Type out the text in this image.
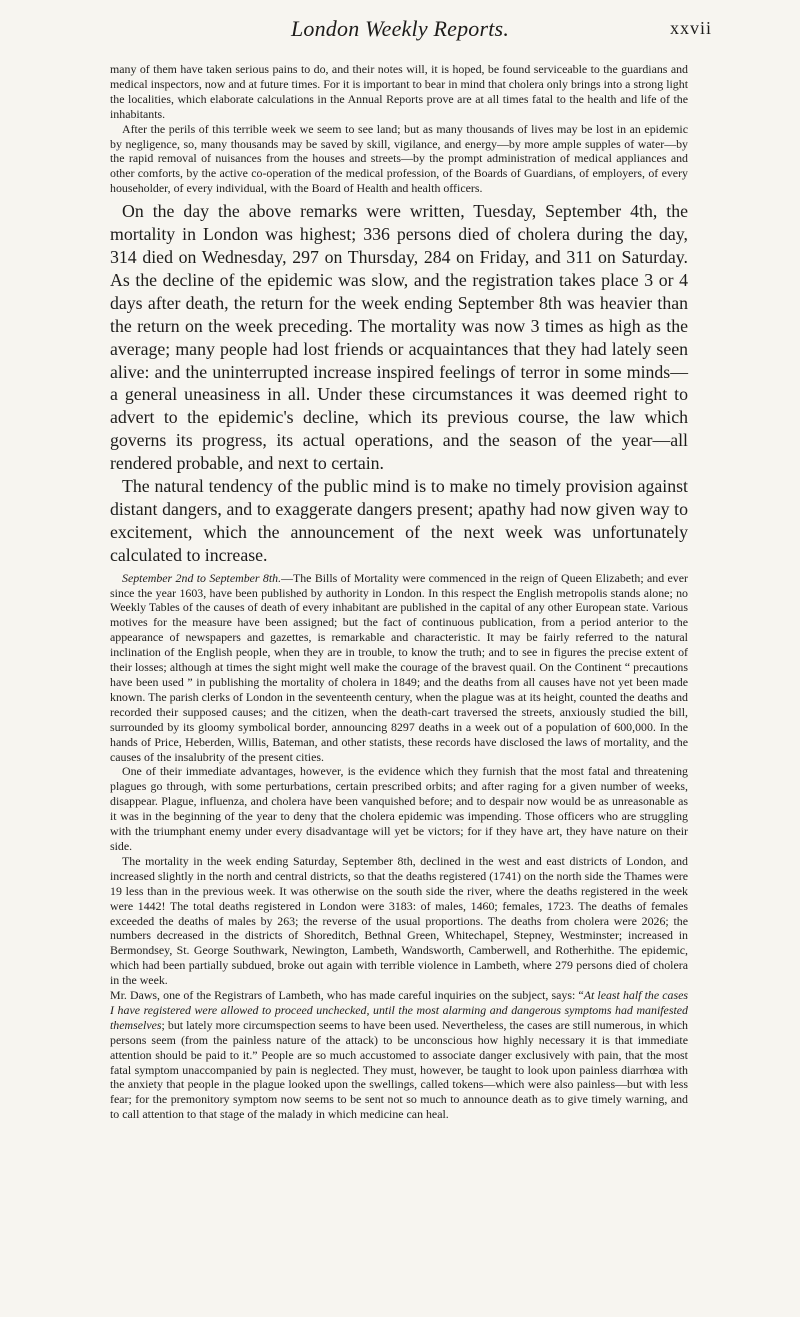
London Weekly Reports.	xxvii

many of them have taken serious pains to do, and their notes will, it is hoped, be found serviceable to the guardians and medical inspectors, now and at future times. For it is important to bear in mind that cholera only brings into a strong light the localities, which elaborate calculations in the Annual Reports prove are at all times fatal to the health and life of the inhabitants.

After the perils of this terrible week we seem to see land; but as many thousands of lives may be lost in an epidemic by negligence, so, many thousands may be saved by skill, vigilance, and energy—by more ample supples of water—by the rapid removal of nuisances from the houses and streets—by the prompt administration of medical appliances and other comforts, by the active co-operation of the medical profession, of the Boards of Guardians, of employers, of every householder, of every individual, with the Board of Health and health officers.

On the day the above remarks were written, Tuesday, September 4th, the mortality in London was highest; 336 persons died of cholera during the day, 314 died on Wednesday, 297 on Thursday, 284 on Friday, and 311 on Saturday. As the decline of the epidemic was slow, and the registration takes place 3 or 4 days after death, the return for the week ending September 8th was heavier than the return on the week preceding. The mortality was now 3 times as high as the average; many people had lost friends or acquaintances that they had lately seen alive: and the uninterrupted increase inspired feelings of terror in some minds—a general uneasiness in all. Under these circumstances it was deemed right to advert to the epidemic's decline, which its previous course, the law which governs its progress, its actual operations, and the season of the year—all rendered probable, and next to certain.

The natural tendency of the public mind is to make no timely provision against distant dangers, and to exaggerate dangers present; apathy had now given way to excitement, which the announcement of the next week was unfortunately calculated to increase.

September 2nd to September 8th.—The Bills of Mortality were commenced in the reign of Queen Elizabeth; and ever since the year 1603, have been published by authority in London. In this respect the English metropolis stands alone; no Weekly Tables of the causes of death of every inhabitant are published in the capital of any other European state. Various motives for the measure have been assigned; but the fact of continuous publication, from a period anterior to the appearance of newspapers and gazettes, is remarkable and characteristic. It may be fairly referred to the natural inclination of the English people, when they are in trouble, to know the truth; and to see in figures the precise extent of their losses; although at times the sight might well make the courage of the bravest quail. On the Continent “ precautions have been used ” in publishing the mortality of cholera in 1849; and the deaths from all causes have not yet been made known. The parish clerks of London in the seventeenth century, when the plague was at its height, counted the deaths and recorded their supposed causes; and the citizen, when the death-cart traversed the streets, anxiously studied the bill, surrounded by its gloomy symbolical border, announcing 8297 deaths in a week out of a population of 600,000. In the hands of Price, Heberden, Willis, Bateman, and other statists, these records have disclosed the laws of mortality, and the causes of the insalubrity of the present cities.

One of their immediate advantages, however, is the evidence which they furnish that the most fatal and threatening plagues go through, with some perturbations, certain prescribed orbits; and after raging for a given number of weeks, disappear. Plague, influenza, and cholera have been vanquished before; and to despair now would be as unreasonable as it was in the beginning of the year to deny that the cholera epidemic was impending. Those officers who are struggling with the triumphant enemy under every disadvantage will yet be victors; for if they have art, they have nature on their side.

The mortality in the week ending Saturday, September 8th, declined in the west and east districts of London, and increased slightly in the north and central districts, so that the deaths registered (1741) on the north side the Thames were 19 less than in the previous week. It was otherwise on the south side the river, where the deaths registered in the week were 1442! The total deaths registered in London were 3183: of males, 1460; females, 1723. The deaths of females exceeded the deaths of males by 263; the reverse of the usual proportions. The deaths from cholera were 2026; the numbers decreased in the districts of Shoreditch, Bethnal Green, Whitechapel, Stepney, Westminster; increased in Bermondsey, St. George Southwark, Newington, Lambeth, Wandsworth, Camberwell, and Rotherhithe. The epidemic, which had been partially subdued, broke out again with terrible violence in Lambeth, where 279 persons died of cholera in the week.

Mr. Daws, one of the Registrars of Lambeth, who has made careful inquiries on the subject, says: “At least half the cases I have registered were allowed to proceed unchecked, until the most alarming and dangerous symptoms had manifested themselves; but lately more circumspection seems to have been used. Nevertheless, the cases are still numerous, in which persons seem (from the painless nature of the attack) to be unconscious how highly necessary it is that immediate attention should be paid to it.” People are so much accustomed to associate danger exclusively with pain, that the most fatal symptom unaccompanied by pain is neglected. They must, however, be taught to look upon painless diarrhœa with the anxiety that people in the plague looked upon the swellings, called tokens—which were also painless—but with less fear; for the premonitory symptom now seems to be sent not so much to announce death as to give timely warning, and to call attention to that stage of the malady in which medicine can heal.
